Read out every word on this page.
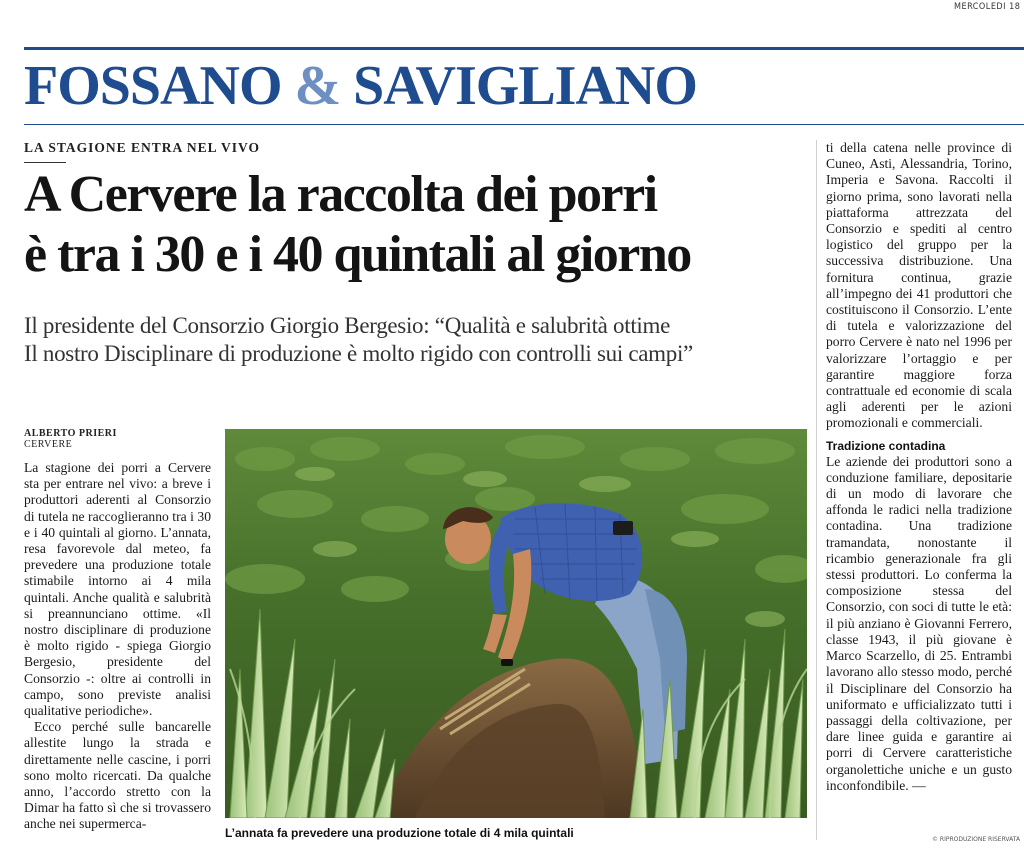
MERCOLEDÌ 18
FOSSANO & SAVIGLIANO
LA STAGIONE ENTRA NEL VIVO
A Cervere la raccolta dei porri
è tra i 30 e i 40 quintali al giorno
Il presidente del Consorzio Giorgio Bergesio: “Qualità e salubrità ottime
Il nostro Disciplinare di produzione è molto rigido con controlli sui campi”
ALBERTO PRIERI
CERVERE

La stagione dei porri a Cervere sta per entrare nel vivo: a breve i produttori aderenti al Consorzio di tutela ne raccoglieranno tra i 30 e i 40 quintali al giorno. L’annata, resa favorevole dal meteo, fa prevedere una produzione totale stimabile intorno ai 4 mila quintali. Anche qualità e salubrità si preannunciano ottime. «Il nostro disciplinare di produzione è molto rigido - spiega Giorgio Bergesio, presidente del Consorzio -: oltre ai controlli in campo, sono previste analisi qualitative periodiche».

Ecco perché sulle bancarelle allestite lungo la strada e direttamente nelle cascine, i porri sono molto ricercati. Da qualche anno, l’accordo stretto con la Dimar ha fatto sì che si trovassero anche nei supermerca-

L’annata fa prevedere una produzione totale di 4 mila quintali

ti della catena nelle province di Cuneo, Asti, Alessandria, Torino, Imperia e Savona. Raccolti il giorno prima, sono lavorati nella piattaforma attrezzata del Consorzio e spediti al centro logistico del gruppo per la successiva distribuzione. Una fornitura continua, grazie all’impegno dei 41 produttori che costituiscono il Consorzio. L’ente di tutela e valorizzazione del porro Cervere è nato nel 1996 per valorizzare l’ortaggio e per garantire maggiore forza contrattuale ed economie di scala agli aderenti per le azioni promozionali e commerciali.

Tradizione contadina

Le aziende dei produttori sono a conduzione familiare, depositarie di un modo di lavorare che affonda le radici nella tradizione contadina. Una tradizione tramandata, nonostante il ricambio generazionale fra gli stessi produttori. Lo conferma la composizione stessa del Consorzio, con soci di tutte le età: il più anziano è Giovanni Ferrero, classe 1943, il più giovane è Marco Scarzello, di 25. Entrambi lavorano allo stesso modo, perché il Disciplinare del Consorzio ha uniformato e ufficializzato tutti i passaggi della coltivazione, per dare linee guida e garantire ai porri di Cervere caratteristiche organolettiche uniche e un gusto inconfondibile. —

© RIPRODUZIONE RISERVATA
